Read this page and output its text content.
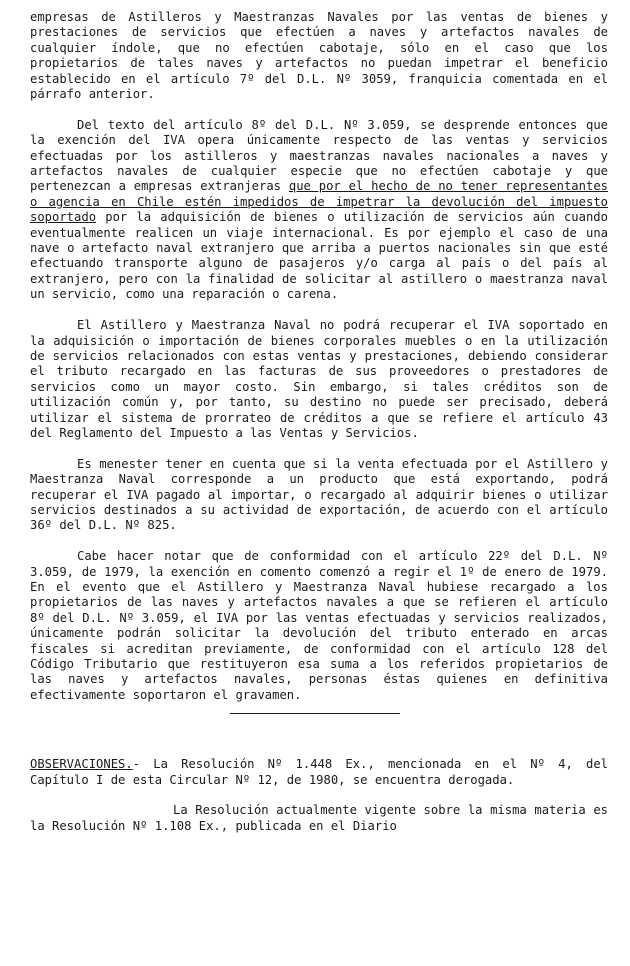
empresas de Astilleros y Maestranzas Navales por las ventas de bienes y prestaciones de servicios que efectúen a naves y artefactos navales de cualquier índole, que no efectúen cabotaje, sólo en el caso que los propietarios de tales naves y artefactos no puedan impetrar el beneficio establecido en el artículo 7º del D.L. Nº 3059, franquicia comentada en el párrafo anterior.

Del texto del artículo 8º del D.L. Nº 3.059, se desprende entonces que la exención del IVA opera únicamente respecto de las ventas y servicios efectuadas por los astilleros y maestranzas navales nacionales a naves y artefactos navales de cualquier especie que no efectúen cabotaje y que pertenezcan a empresas extranjeras que por el hecho de no tener representantes o agencia en Chile estén impedidos de impetrar la devolución del impuesto soportado por la adquisición de bienes o utilización de servicios aún cuando eventualmente realicen un viaje internacional. Es por ejemplo el caso de una nave o artefacto naval extranjero que arriba a puertos nacionales sin que esté efectuando transporte alguno de pasajeros y/o carga al país o del país al extranjero, pero con la finalidad de solicitar al astillero o maestranza naval un servicio, como una reparación o carena.

El Astillero y Maestranza Naval no podrá recuperar el IVA soportado en la adquisición o importación de bienes corporales muebles o en la utilización de servicios relacionados con estas ventas y prestaciones, debiendo considerar el tributo recargado en las facturas de sus proveedores o prestadores de servicios como un mayor costo. Sin embargo, si tales créditos son de utilización común y, por tanto, su destino no puede ser precisado, deberá utilizar el sistema de prorrateo de créditos a que se refiere el artículo 43 del Reglamento del Impuesto a las Ventas y Servicios.

Es menester tener en cuenta que si la venta efectuada por el Astillero y Maestranza Naval corresponde a un producto que está exportando, podrá recuperar el IVA pagado al importar, o recargado al adquirir bienes o utilizar servicios destinados a su actividad de exportación, de acuerdo con el artículo 36º del D.L. Nº 825.

Cabe hacer notar que de conformidad con el artículo 22º del D.L. Nº 3.059, de 1979, la exención en comento comenzó a regir el 1º de enero de 1979. En el evento que el Astillero y Maestranza Naval hubiese recargado a los propietarios de las naves y artefactos navales a que se refieren el artículo 8º del D.L. Nº 3.059, el IVA por las ventas efectuadas y servicios realizados, únicamente podrán solicitar la devolución del tributo enterado en arcas fiscales si acreditan previamente, de conformidad con el artículo 128 del Código Tributario que restituyeron esa suma a los referidos propietarios de las naves y artefactos navales, personas éstas quienes en definitiva efectivamente soportaron el gravamen.

OBSERVACIONES.- La Resolución Nº 1.448 Ex., mencionada en el Nº 4, del Capítulo I de esta Circular Nº 12, de 1980, se encuentra derogada.

La Resolución actualmente vigente sobre la misma materia es la Resolución Nº 1.108 Ex., publicada en el Diario
